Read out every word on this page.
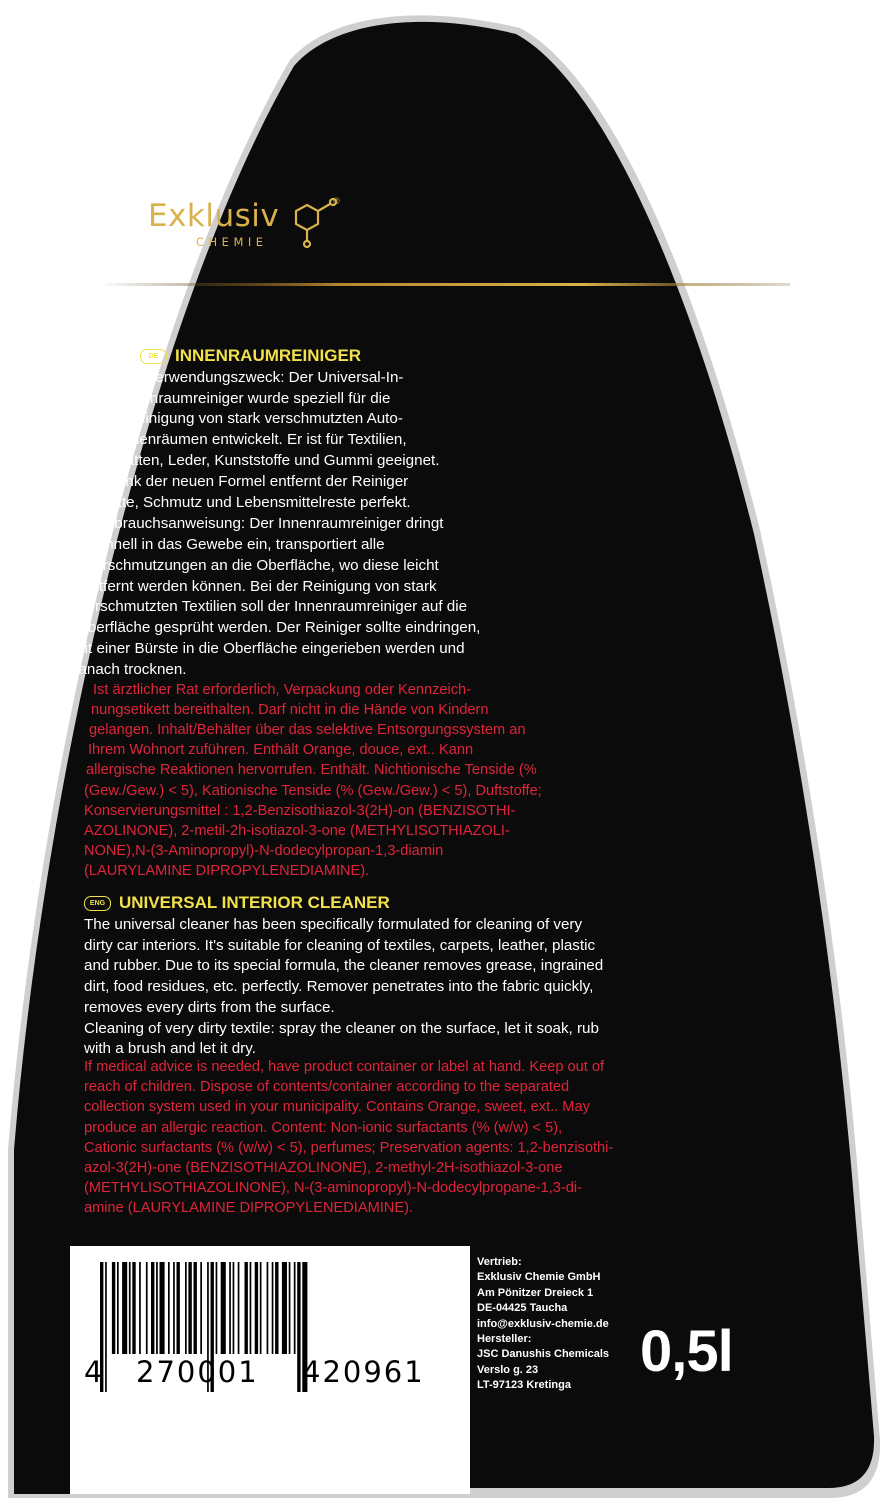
Exklusiv
CHEMIE
®
DE INNENRAUMREINIGER
Verwendungszweck: Der Universal-In-
nenraumreiniger wurde speziell für die
Reinigung von stark verschmutzten Auto-
innenräumen entwickelt. Er ist für Textilien,
Matten, Leder, Kunststoffe und Gummi geeignet.
Dank der neuen Formel entfernt der Reiniger
Fette, Schmutz und Lebensmittelreste perfekt.
Gebrauchsanweisung: Der Innenraumreiniger dringt
schnell in das Gewebe ein, transportiert alle
Verschmutzungen an die Oberfläche, wo diese leicht
entfernt werden können. Bei der Reinigung von stark
verschmutzten Textilien soll der Innenraumreiniger auf die
Oberfläche gesprüht werden. Der Reiniger sollte eindringen,
mit einer Bürste in die Oberfläche eingerieben werden und
danach trocknen.
Ist ärztlicher Rat erforderlich, Verpackung oder Kennzeich-
nungsetikett bereithalten. Darf nicht in die Hände von Kindern
gelangen. Inhalt/Behälter über das selektive Entsorgungssystem an
Ihrem Wohnort zuführen. Enthält Orange, douce, ext.. Kann
allergische Reaktionen hervorrufen. Enthält. Nichtionische Tenside (%
(Gew./Gew.) < 5), Kationische Tenside (% (Gew./Gew.) < 5), Duftstoffe;
Konservierungsmittel : 1,2-Benzisothiazol-3(2H)-on (BENZISOTHI-
AZOLINONE), 2-metil-2h-isotiazol-3-one (METHYLISOTHIAZOLI-
NONE),N-(3-Aminopropyl)-N-dodecylpropan-1,3-diamin
(LAURYLAMINE DIPROPYLENEDIAMINE).
ENG UNIVERSAL INTERIOR CLEANER
The universal cleaner has been specifically formulated for cleaning of very
dirty car interiors. It's suitable for cleaning of textiles, carpets, leather, plastic
and rubber. Due to its special formula, the cleaner removes grease, ingrained
dirt, food residues, etc. perfectly. Remover penetrates into the fabric quickly,
removes every dirts from the surface.
Cleaning of very dirty textile: spray the cleaner on the surface, let it soak, rub
with a brush and let it dry.
If medical advice is needed, have product container or label at hand. Keep out of
reach of children. Dispose of contents/container according to the separated
collection system used in your municipality. Contains Orange, sweet, ext.. May
produce an allergic reaction. Content: Non-ionic surfactants (% (w/w) < 5),
Cationic surfactants (% (w/w) < 5), perfumes; Preservation agents: 1,2-benzisothi-
azol-3(2H)-one (BENZISOTHIAZOLINONE), 2-methyl-2H-isothiazol-3-one
(METHYLISOTHIAZOLINONE), N-(3-aminopropyl)-N-dodecylpropane-1,3-di-
amine (LAURYLAMINE DIPROPYLENEDIAMINE).
4 270001 420961
Vertrieb:
Exklusiv Chemie GmbH
Am Pönitzer Dreieck 1
DE-04425 Taucha
info@exklusiv-chemie.de
Hersteller:
JSC Danushis Chemicals
Verslo g. 23
LT-97123 Kretinga
0,5l
